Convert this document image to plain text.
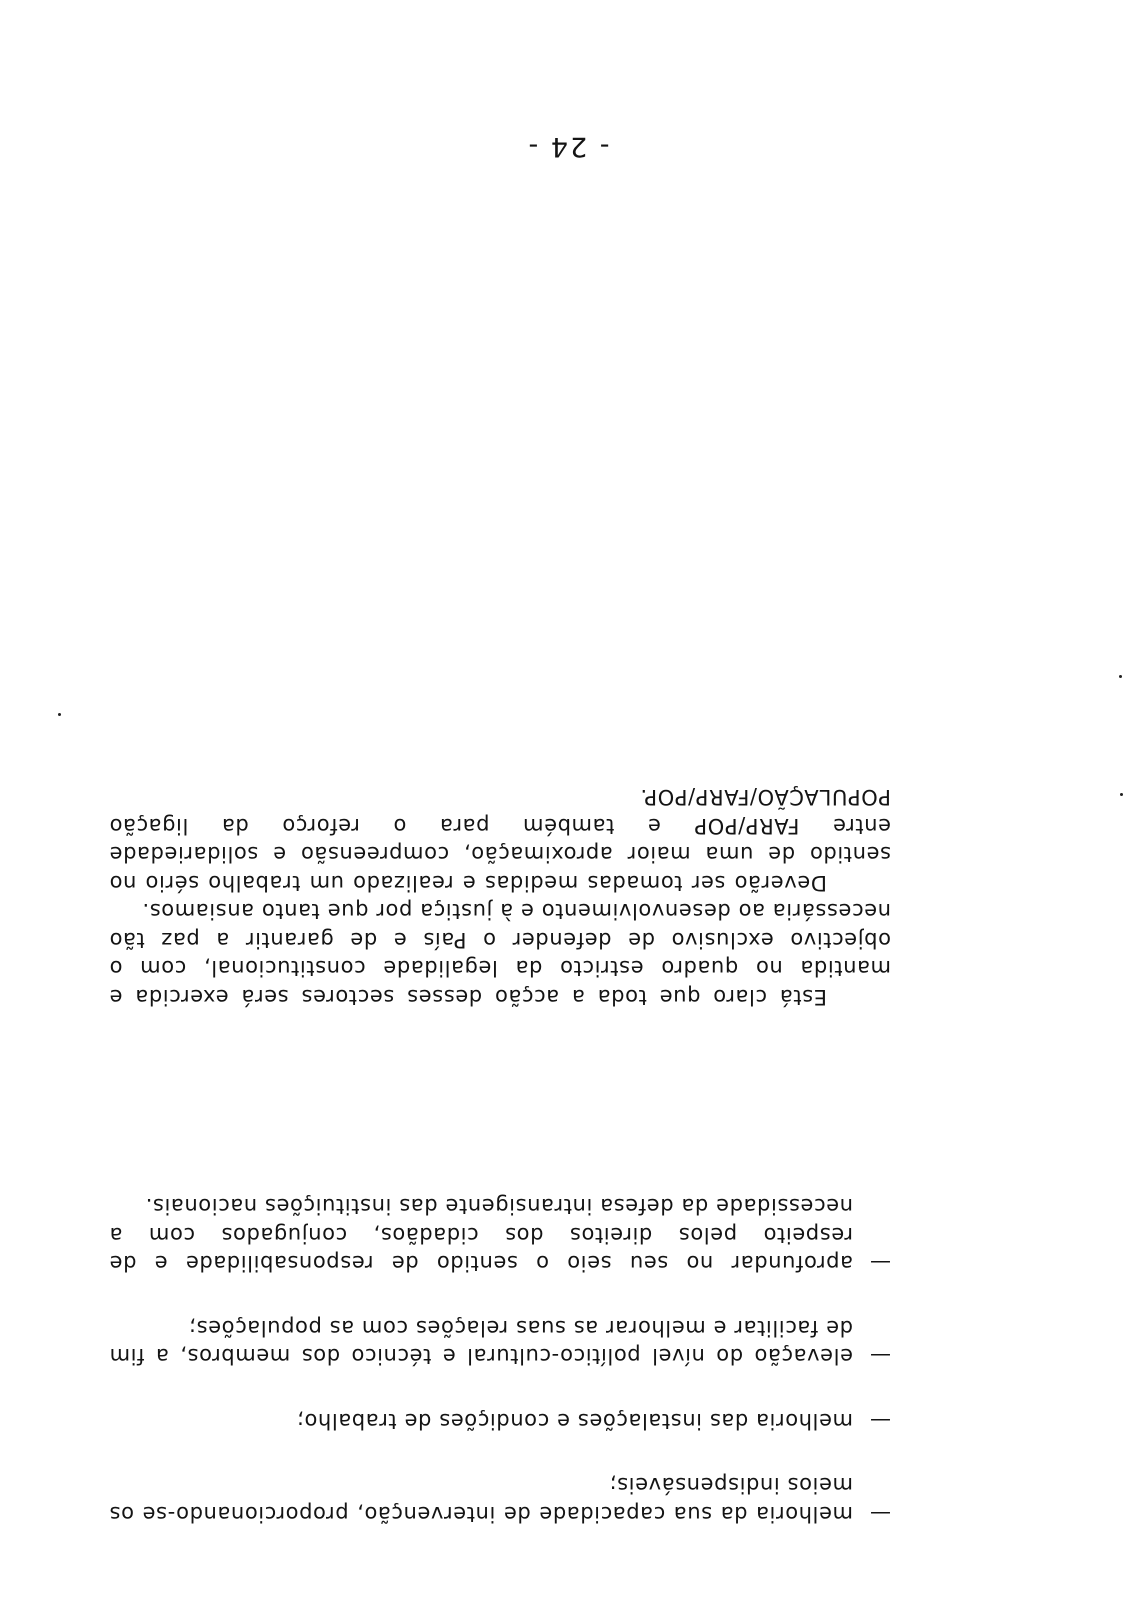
- 24 -
—
melhoria da sua capacidade de intervenção, proporcionando-se os meios indispensáveis;
—
melhoria das instalações e condições de trabalho;
—
elevação do nível político-cultural e técnico dos membros, a fim de facilitar e melhorar as suas relações com as populações;
—
aprofundar no seu seio o sentido de responsabilidade e de respeito pelos direitos dos cidadãos, conjugados com a necessidade da defesa intransigente das instituições nacionais.

Está claro que toda a acção desses sectores será exercida e mantida no quadro estricto da legalidade constitucional, com o objectivo exclusivo de defender o País e de garantir a paz tão necessária ao desenvolvimento e à justiça por que tanto ansiamos.

Deverão ser tomadas medidas e realizado um trabalho sério no sentido de uma maior aproximação, compreensão e solidariedade entre FARP/POP e também para o reforço da ligação POPULAÇÃO/FARP/POP.
